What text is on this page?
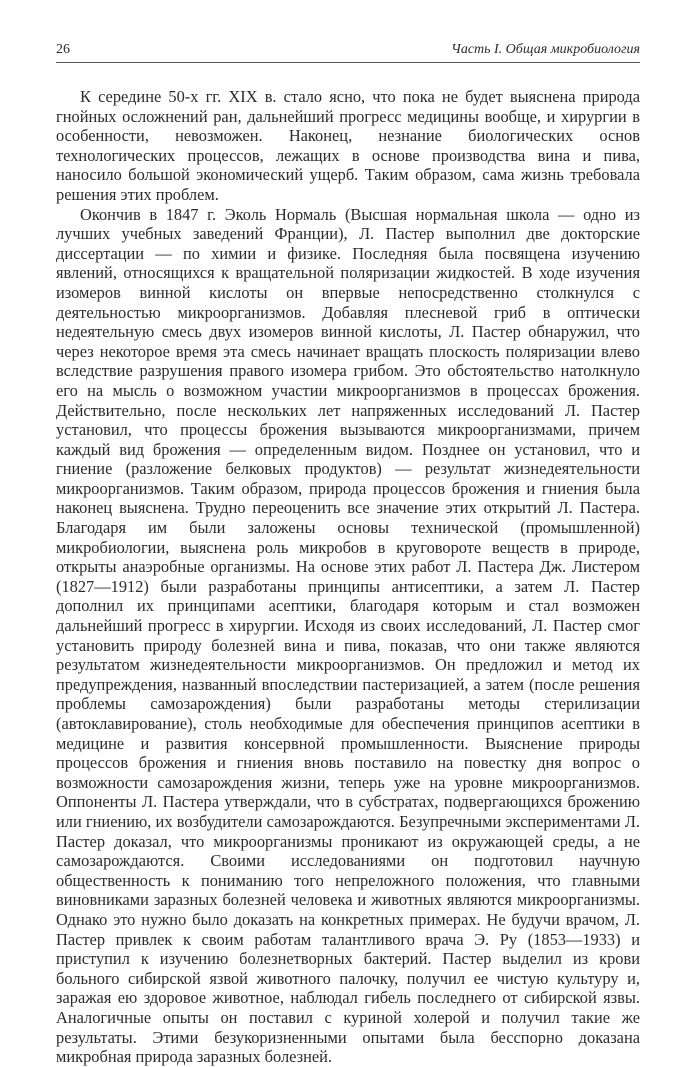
26	Часть I. Общая микробиология

К середине 50-х гг. XIX в. стало ясно, что пока не будет выяснена природа гнойных осложнений ран, дальнейший прогресс медицины вообще, и хирургии в особенности, невозможен. Наконец, незнание биологических основ технологических процессов, лежащих в основе производства вина и пива, наносило большой экономический ущерб. Таким образом, сама жизнь требовала решения этих проблем.

Окончив в 1847 г. Эколь Нормаль (Высшая нормальная школа — одно из лучших учебных заведений Франции), Л. Пастер выполнил две докторские диссертации — по химии и физике. Последняя была посвящена изучению явлений, относящихся к вращательной поляризации жидкостей. В ходе изучения изомеров винной кислоты он впервые непосредственно столкнулся с деятельностью микроорганизмов. Добавляя плесневой гриб в оптически недеятельную смесь двух изомеров винной кислоты, Л. Пастер обнаружил, что через некоторое время эта смесь начинает вращать плоскость поляризации влево вследствие разрушения правого изомера грибом. Это обстоятельство натолкнуло его на мысль о возможном участии микроорганизмов в процессах брожения. Действительно, после нескольких лет напряженных исследований Л. Пастер установил, что процессы брожения вызываются микроорганизмами, причем каждый вид брожения — определенным видом. Позднее он установил, что и гниение (разложение белковых продуктов) — результат жизнедеятельности микроорганизмов. Таким образом, природа процессов брожения и гниения была наконец выяснена. Трудно переоценить все значение этих открытий Л. Пастера. Благодаря им были заложены основы технической (промышленной) микробиологии, выяснена роль микробов в круговороте веществ в природе, открыты анаэробные организмы. На основе этих работ Л. Пастера Дж. Листером (1827—1912) были разработаны принципы антисептики, а затем Л. Пастер дополнил их принципами асептики, благодаря которым и стал возможен дальнейший прогресс в хирургии. Исходя из своих исследований, Л. Пастер смог установить природу болезней вина и пива, показав, что они также являются результатом жизнедеятельности микроорганизмов. Он предложил и метод их предупреждения, названный впоследствии пастеризацией, а затем (после решения проблемы самозарождения) были разработаны методы стерилизации (автоклавирование), столь необходимые для обеспечения принципов асептики в медицине и развития консервной промышленности. Выяснение природы процессов брожения и гниения вновь поставило на повестку дня вопрос о возможности самозарождения жизни, теперь уже на уровне микроорганизмов. Оппоненты Л. Пастера утверждали, что в субстратах, подвергающихся брожению или гниению, их возбудители самозарождаются. Безупречными экспериментами Л. Пастер доказал, что микроорганизмы проникают из окружающей среды, а не самозарождаются. Своими исследованиями он подготовил научную общественность к пониманию того непреложного положения, что главными виновниками заразных болезней человека и животных являются микроорганизмы. Однако это нужно было доказать на конкретных примерах. Не будучи врачом, Л. Пастер привлек к своим работам талантливого врача Э. Ру (1853—1933) и приступил к изучению болезнетворных бактерий. Пастер выделил из крови больного сибирской язвой животного палочку, получил ее чистую культуру и, заражая ею здоровое животное, наблюдал гибель последнего от сибирской язвы. Аналогичные опыты он поставил с куриной холерой и получил такие же результаты. Этими безукоризненными опытами была бесспорно доказана микробная природа заразных болезней.
